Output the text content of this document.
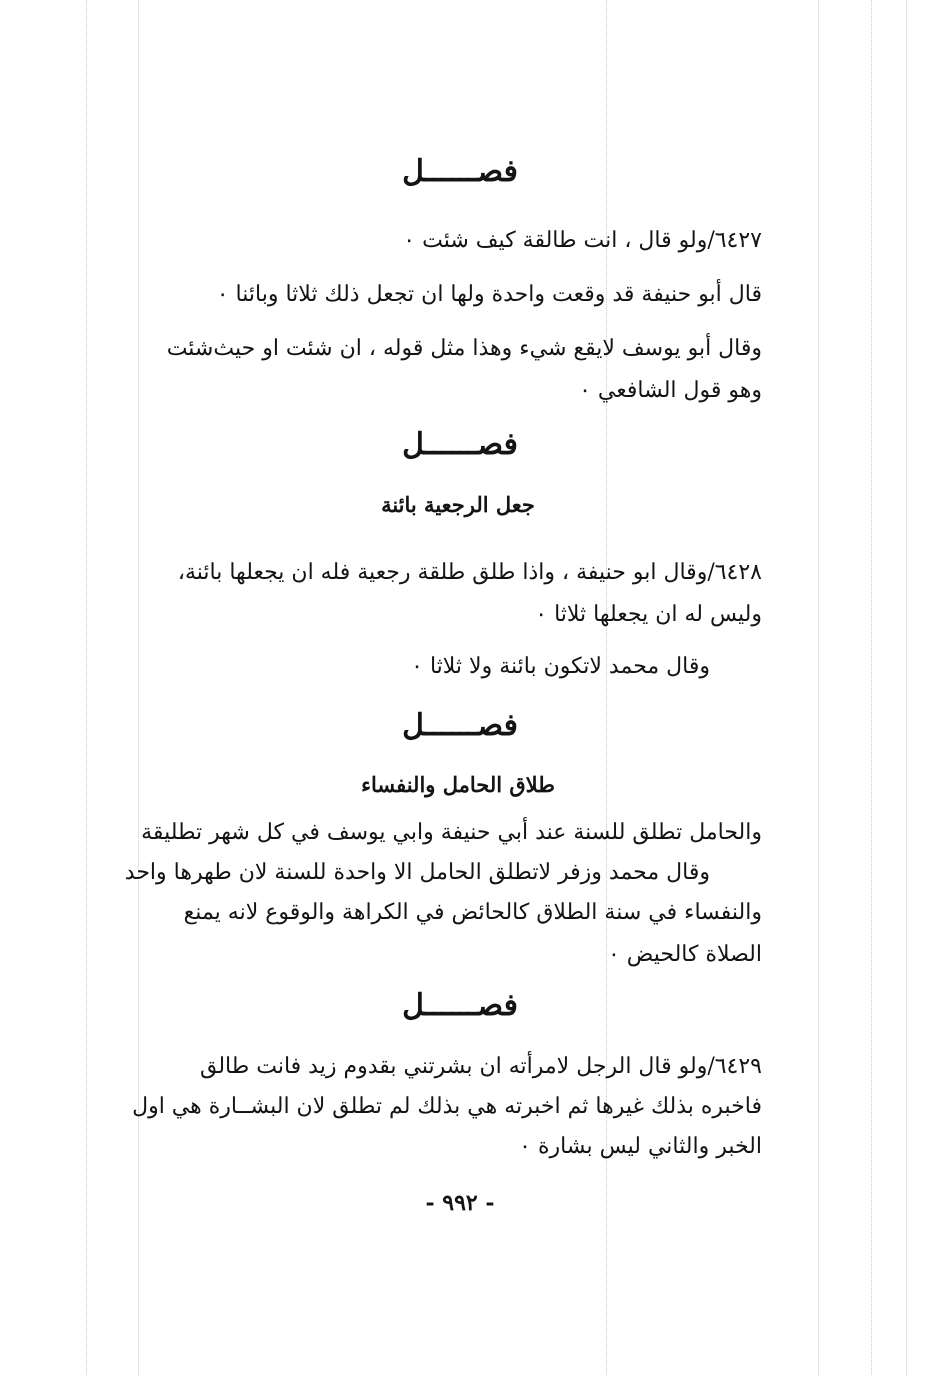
فصــــــل
٦٤٢٧/ولو قال ، انت طالقة كيف شئت ٠
قال أبو حنيفة قد وقعت واحدة ولها ان تجعل ذلك ثلاثا وبائنا ٠
وقال أبو يوسف لايقع شيء وهذا مثل قوله ، ان شئت او حيث‌شئت
وهو قول الشافعي ٠
فصــــــل
جعل الرجعية بائنة
٦٤٢٨/وقال ابو حنيفة ، واذا طلق طلقة رجعية فله ان يجعلها بائنة،
وليس له ان يجعلها ثلاثا ٠
وقال محمد لاتكون بائنة ولا ثلاثا ٠
فصــــــل
طلاق الحامل والنفساء
والحامل تطلق للسنة عند أبي حنيفة وابي يوسف في كل شهر تطليقة
وقال محمد وزفر لاتطلق الحامل الا واحدة للسنة لان طهرها واحد
والنفساء في سنة الطلاق كالحائض في الكراهة والوقوع لانه يمنع
الصلاة كالحيض ٠
فصــــــل
٦٤٢٩/ولو قال الرجل لامرأته ان بشرتني بقدوم زيد فانت طالق
فاخبره بذلك غيرها ثم اخبرته هي بذلك لم تطلق لان البشــارة هي اول
الخبر والثاني ليس بشارة ٠
- ٩٩٢ -
